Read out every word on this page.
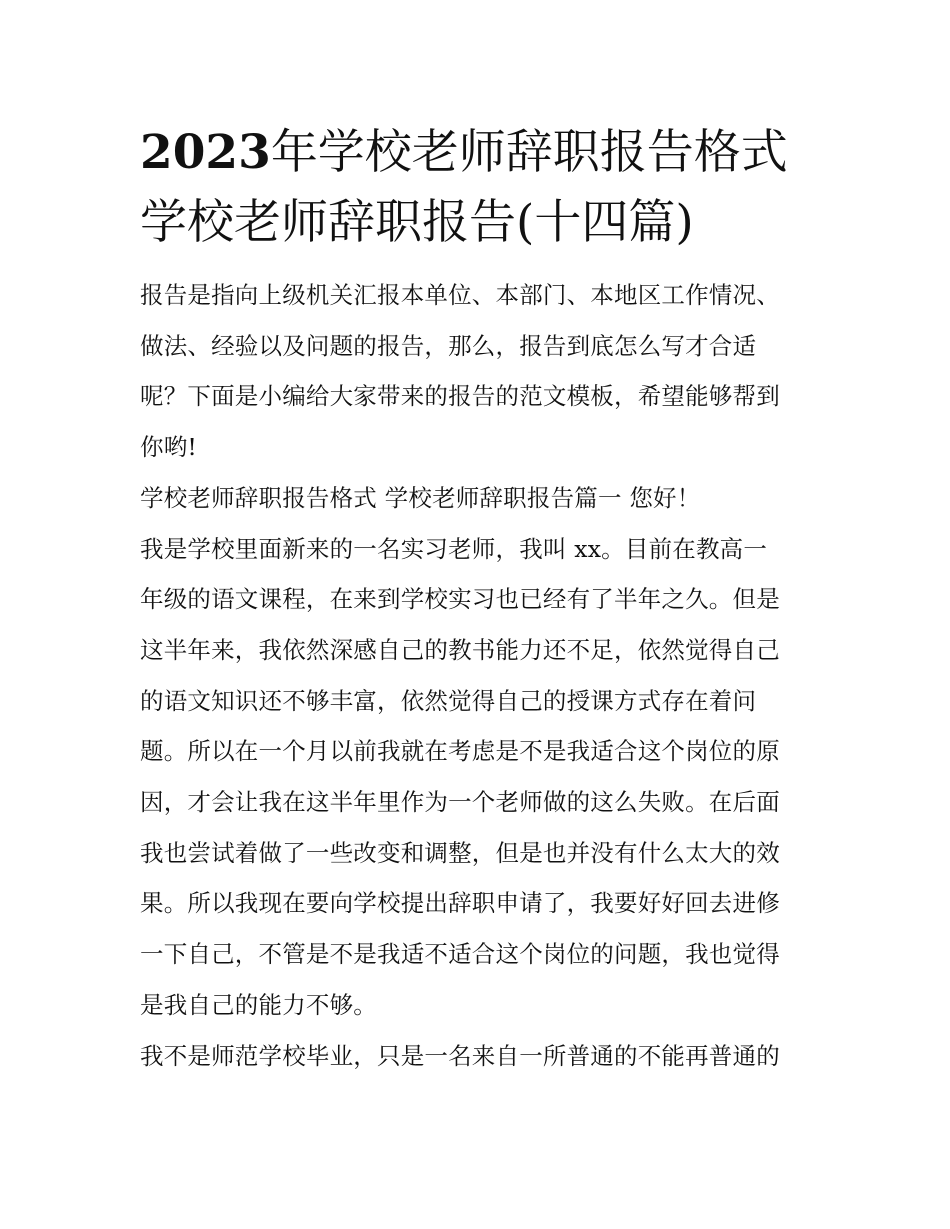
2023年学校老师辞职报告格式
学校老师辞职报告(十四篇)

报告是指向上级机关汇报本单位、本部门、本地区工作情况、
做法、经验以及问题的报告，那么，报告到底怎么写才合适
呢？下面是小编给大家带来的报告的范文模板，希望能够帮到
你哟!

学校老师辞职报告格式 学校老师辞职报告篇一 您好！

我是学校里面新来的一名实习老师，我叫 xx。目前在教高一
年级的语文课程，在来到学校实习也已经有了半年之久。但是
这半年来，我依然深感自己的教书能力还不足，依然觉得自己
的语文知识还不够丰富，依然觉得自己的授课方式存在着问
题。所以在一个月以前我就在考虑是不是我适合这个岗位的原
因，才会让我在这半年里作为一个老师做的这么失败。在后面
我也尝试着做了一些改变和调整，但是也并没有什么太大的效
果。所以我现在要向学校提出辞职申请了，我要好好回去进修
一下自己，不管是不是我适不适合这个岗位的问题，我也觉得
是我自己的能力不够。

我不是师范学校毕业，只是一名来自一所普通的不能再普通的
